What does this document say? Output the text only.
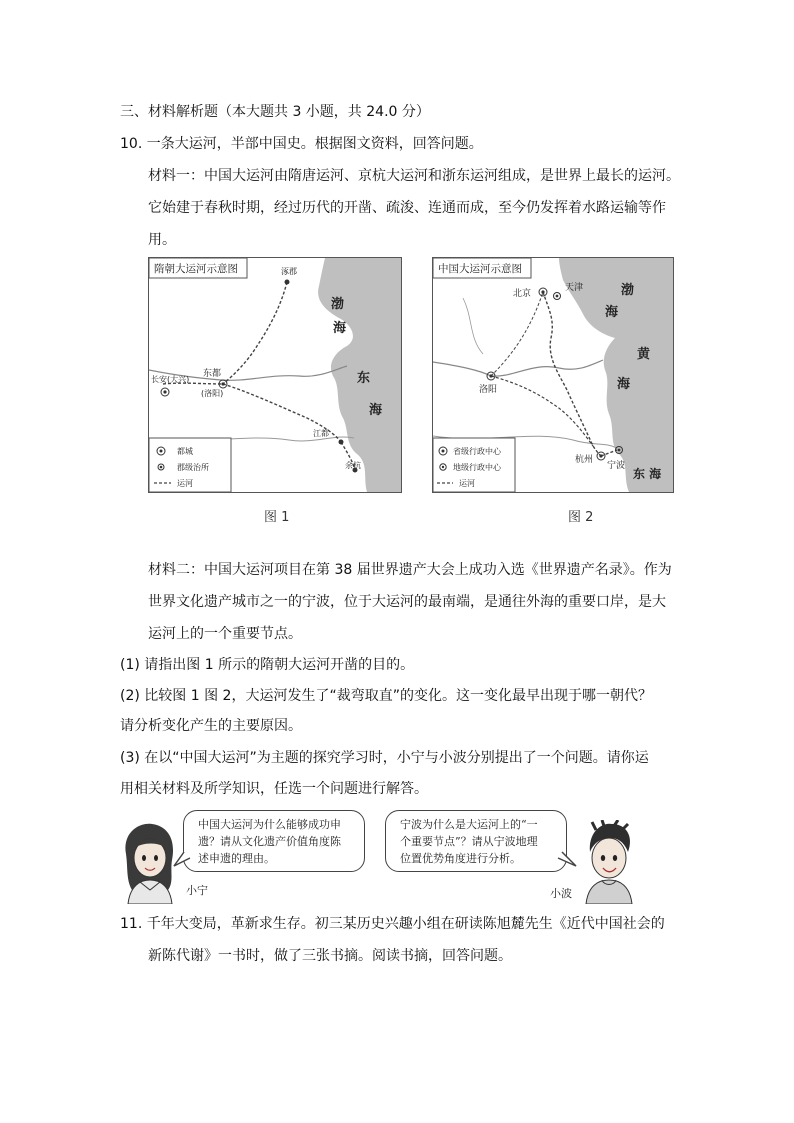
三、材料解析题（本大题共 3 小题，共 24.0 分）
10. 一条大运河，半部中国史。根据图文资料，回答问题。
材料一：中国大运河由隋唐运河、京杭大运河和浙东运河组成，是世界上最长的运河。
它始建于春秋时期，经过历代的开凿、疏浚、连通而成，至今仍发挥着水路运输等作
用。
隋朝大运河示意图	涿郡
长安(大兴)
东都
(洛阳)
江都
余杭
渤
海
东
海
都城
郡级治所
运河
图 1
中国大运河示意图
北京
天津
洛阳
杭州
宁波
渤
海
黄
海
东 海
省级行政中心
地级行政中心
运河
图 2
材料二：中国大运河项目在第 38 届世界遗产大会上成功入选《世界遗产名录》。作为
世界文化遗产城市之一的宁波，位于大运河的最南端，是通往外海的重要口岸，是大
运河上的一个重要节点。
(1) 请指出图 1 所示的隋朝大运河开凿的目的。
(2) 比较图 1 图 2，大运河发生了“裁弯取直”的变化。这一变化最早出现于哪一朝代？
请分析变化产生的主要原因。
(3) 在以“中国大运河”为主题的探究学习时，小宁与小波分别提出了一个问题。请你运
用相关材料及所学知识，任选一个问题进行解答。
中国大运河为什么能够成功申
遗？请从文化遗产价值角度陈
述申遗的理由。
小宁
宁波为什么是大运河上的“一
个重要节点”？请从宁波地理
位置优势角度进行分析。
小波
11. 千年大变局，革新求生存。初三某历史兴趣小组在研读陈旭麓先生《近代中国社会的
新陈代谢》一书时，做了三张书摘。阅读书摘，回答问题。
